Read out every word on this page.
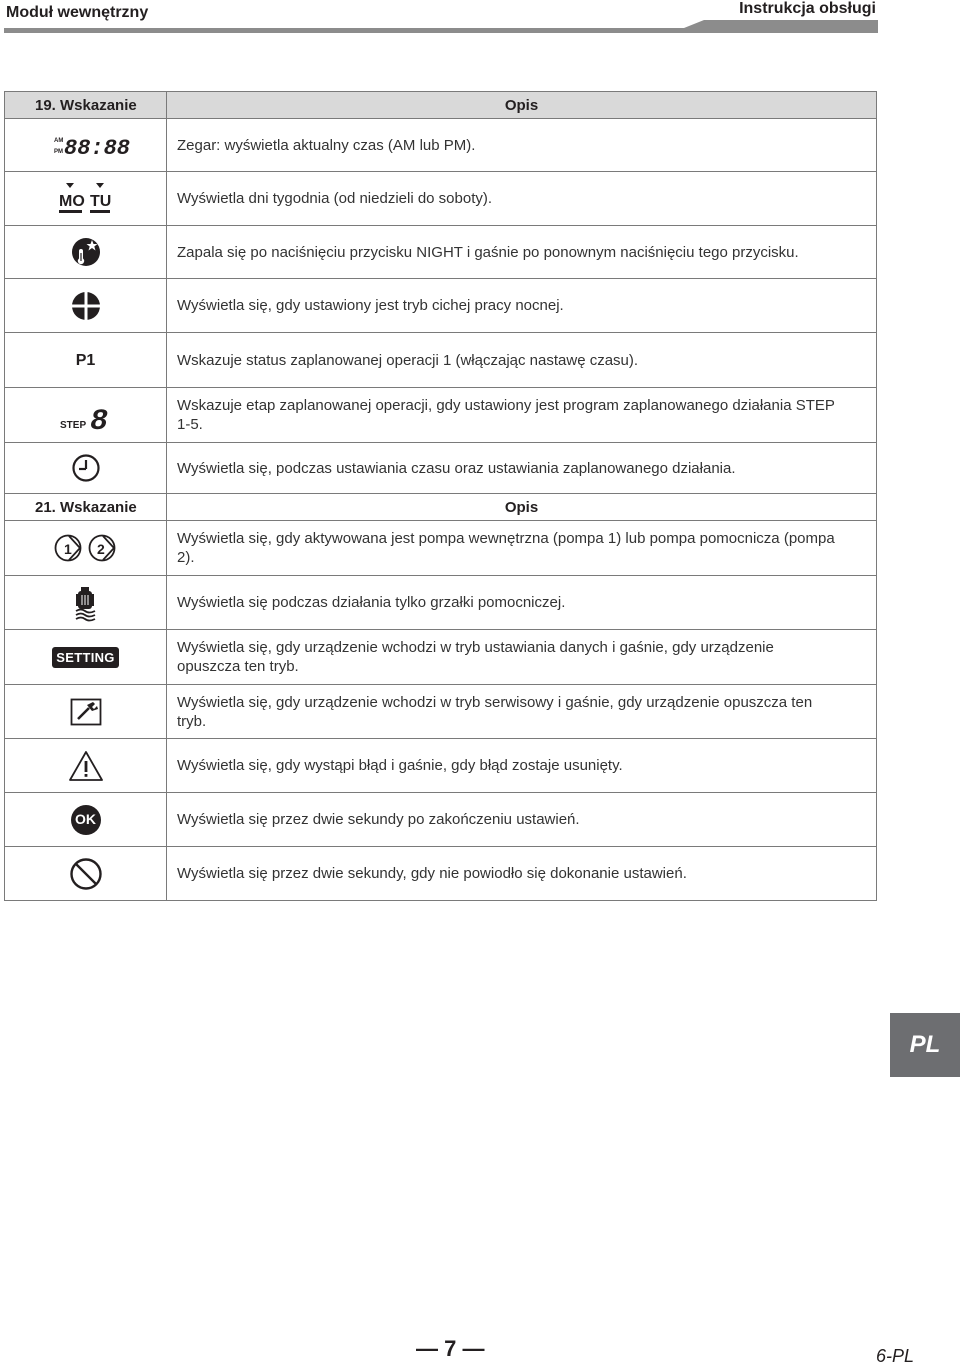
Moduł wewnętrzny	Instrukcja obsługi
19. Wskazanie	Opis

AM
PM 88:88	Zegar: wyświetla aktualny czas (AM lub PM).

MO TU	Wyświetla dni tygodnia (od niedzieli do soboty).
	Zapala się po naciśnięciu przycisku NIGHT i gaśnie po ponownym naciśnięciu tego przycisku.
	Wyświetla się, gdy ustawiony jest tryb cichej pracy nocnej.
P1	Wskazuje status zaplanowanej operacji 1 (włączając nastawę czasu).

STEP 8	Wskazuje etap zaplanowanej operacji, gdy ustawiony jest program zaplanowanego działania STEP 1-5.
	Wyświetla się, podczas ustawiania czasu oraz ustawiania zaplanowanego działania.
21. Wskazanie	Opis

1 2	Wyświetla się, gdy aktywowana jest pompa wewnętrzna (pompa 1) lub pompa pomocnicza (pompa 2).
	Wyświetla się podczas działania tylko grzałki pomocniczej.
SETTING	Wyświetla się, gdy urządzenie wchodzi w tryb ustawiania danych i gaśnie, gdy urządzenie opuszcza ten tryb.
	Wyświetla się, gdy urządzenie wchodzi w tryb serwisowy i gaśnie, gdy urządzenie opuszcza ten tryb.
	Wyświetla się, gdy wystąpi błąd i gaśnie, gdy błąd zostaje usunięty.
OK	Wyświetla się przez dwie sekundy po zakończeniu ustawień.
	Wyświetla się przez dwie sekundy, gdy nie powiodło się dokonanie ustawień.
PL
— 7 —	6-PL
